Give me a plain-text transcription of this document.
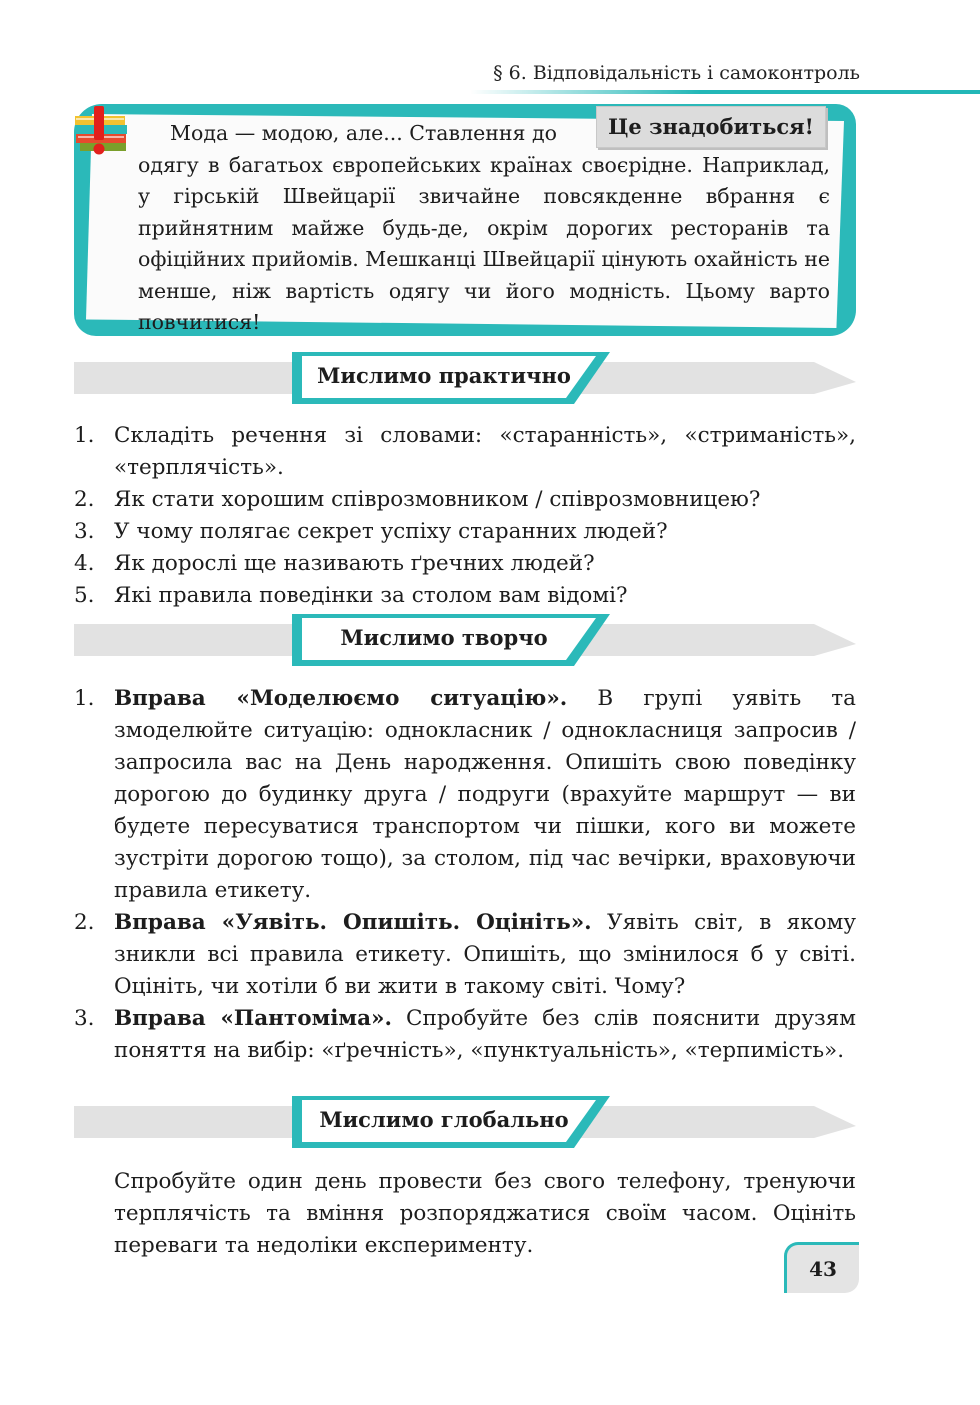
§ 6. Відповідальність і самоконтроль
Це знадобиться!
Мода — модою, але... Ставлення до
одягу в багатьох європейських країнах своєрідне. Наприклад, у гірській Швейцарії звичайне повсякденне вбрання є прийнятним майже будь-де, окрім дорогих ресторанів та офіційних прийомів. Мешканці Швейцарії цінують охайність не менше, ніж вартість одягу чи його модність. Цьому варто повчитися!
Мислимо практично
1. Складіть речення зі словами: «старанність», «стриманість», «терплячість».
2. Як стати хорошим співрозмовником / співрозмовницею?
3. У чому полягає секрет успіху старанних людей?
4. Як дорослі ще називають ґречних людей?
5. Які правила поведінки за столом вам відомі?
Мислимо творчо
1. Вправа «Моделюємо ситуацію». В групі уявіть та змоделюйте ситуацію: однокласник / однокласниця запросив / запросила вас на День народження. Опишіть свою поведінку дорогою до будинку друга / подруги (врахуйте маршрут — ви будете пересуватися транспортом чи пішки, кого ви можете зустріти дорогою тощо), за столом, під час вечірки, враховуючи правила етикету.
2. Вправа «Уявіть. Опишіть. Оцініть». Уявіть світ, в якому зникли всі правила етикету. Опишіть, що змінилося б у світі. Оцініть, чи хотіли б ви жити в такому світі. Чому?
3. Вправа «Пантоміма». Спробуйте без слів пояснити друзям поняття на вибір: «ґречність», «пунктуальність», «терпимість».
Мислимо глобально
Спробуйте один день провести без свого телефону, тренуючи терплячість та вміння розпоряджатися своїм часом. Оцініть переваги та недоліки експерименту.
43
